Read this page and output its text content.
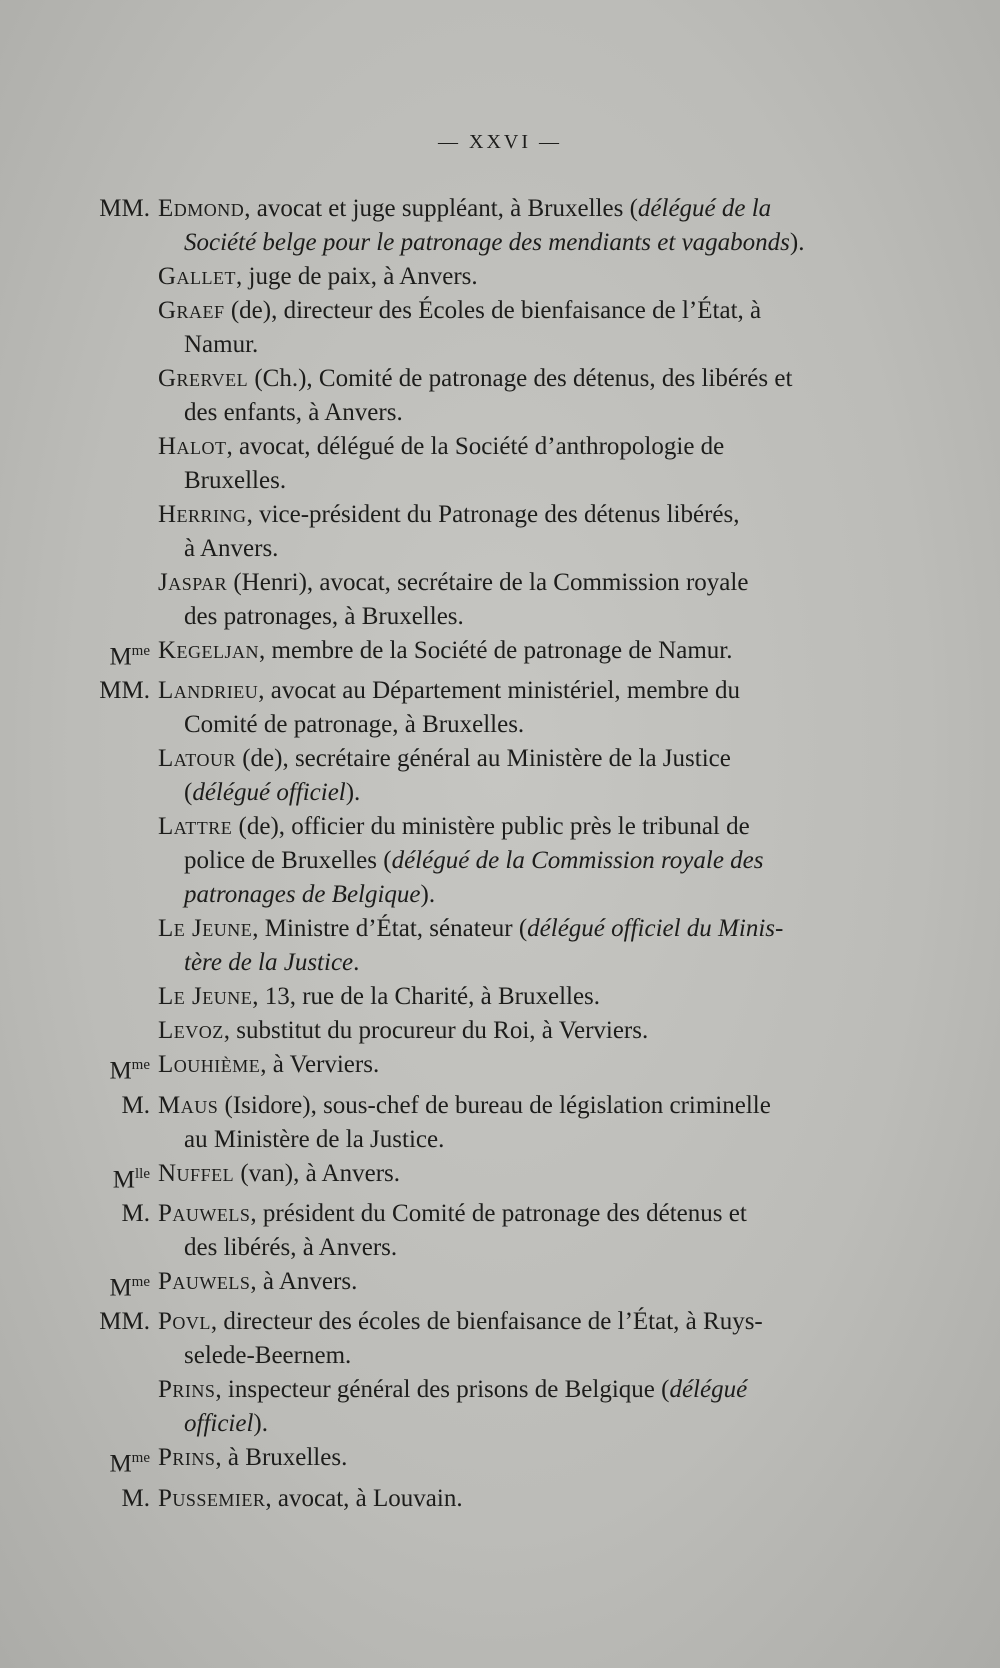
— XXVI —
MM. Edmond, avocat et juge suppléant, à Bruxelles (délégué de la
Société belge pour le patronage des mendiants et vagabonds).
Gallet, juge de paix, à Anvers.
Graef (de), directeur des Écoles de bienfaisance de l’État, à
Namur.
Grervel (Ch.), Comité de patronage des détenus, des libérés et
des enfants, à Anvers.
Halot, avocat, délégué de la Société d’anthropologie de
Bruxelles.
Herring, vice-président du Patronage des détenus libérés,
à Anvers.
Jaspar (Henri), avocat, secrétaire de la Commission royale
des patronages, à Bruxelles.
$M^{me}$ Kegeljan, membre de la Société de patronage de Namur.
MM. Landrieu, avocat au Département ministériel, membre du
Comité de patronage, à Bruxelles.
Latour (de), secrétaire général au Ministère de la Justice
(délégué officiel).
Lattre (de), officier du ministère public près le tribunal de
police de Bruxelles (délégué de la Commission royale des
patronages de Belgique).
Le Jeune, Ministre d’État, sénateur (délégué officiel du Minis-
tère de la Justice.
Le Jeune, 13, rue de la Charité, à Bruxelles.
Levoz, substitut du procureur du Roi, à Verviers.
$M^{me}$ Louhième, à Verviers.
M. Maus (Isidore), sous-chef de bureau de législation criminelle
au Ministère de la Justice.
$M^{lle}$ Nuffel (van), à Anvers.
M. Pauwels, président du Comité de patronage des détenus et
des libérés, à Anvers.
$M^{me}$ Pauwels, à Anvers.
MM. Povl, directeur des écoles de bienfaisance de l’État, à Ruys-
selede-Beernem.
Prins, inspecteur général des prisons de Belgique (délégué
officiel).
$M^{me}$ Prins, à Bruxelles.
M. Pussemier, avocat, à Louvain.
